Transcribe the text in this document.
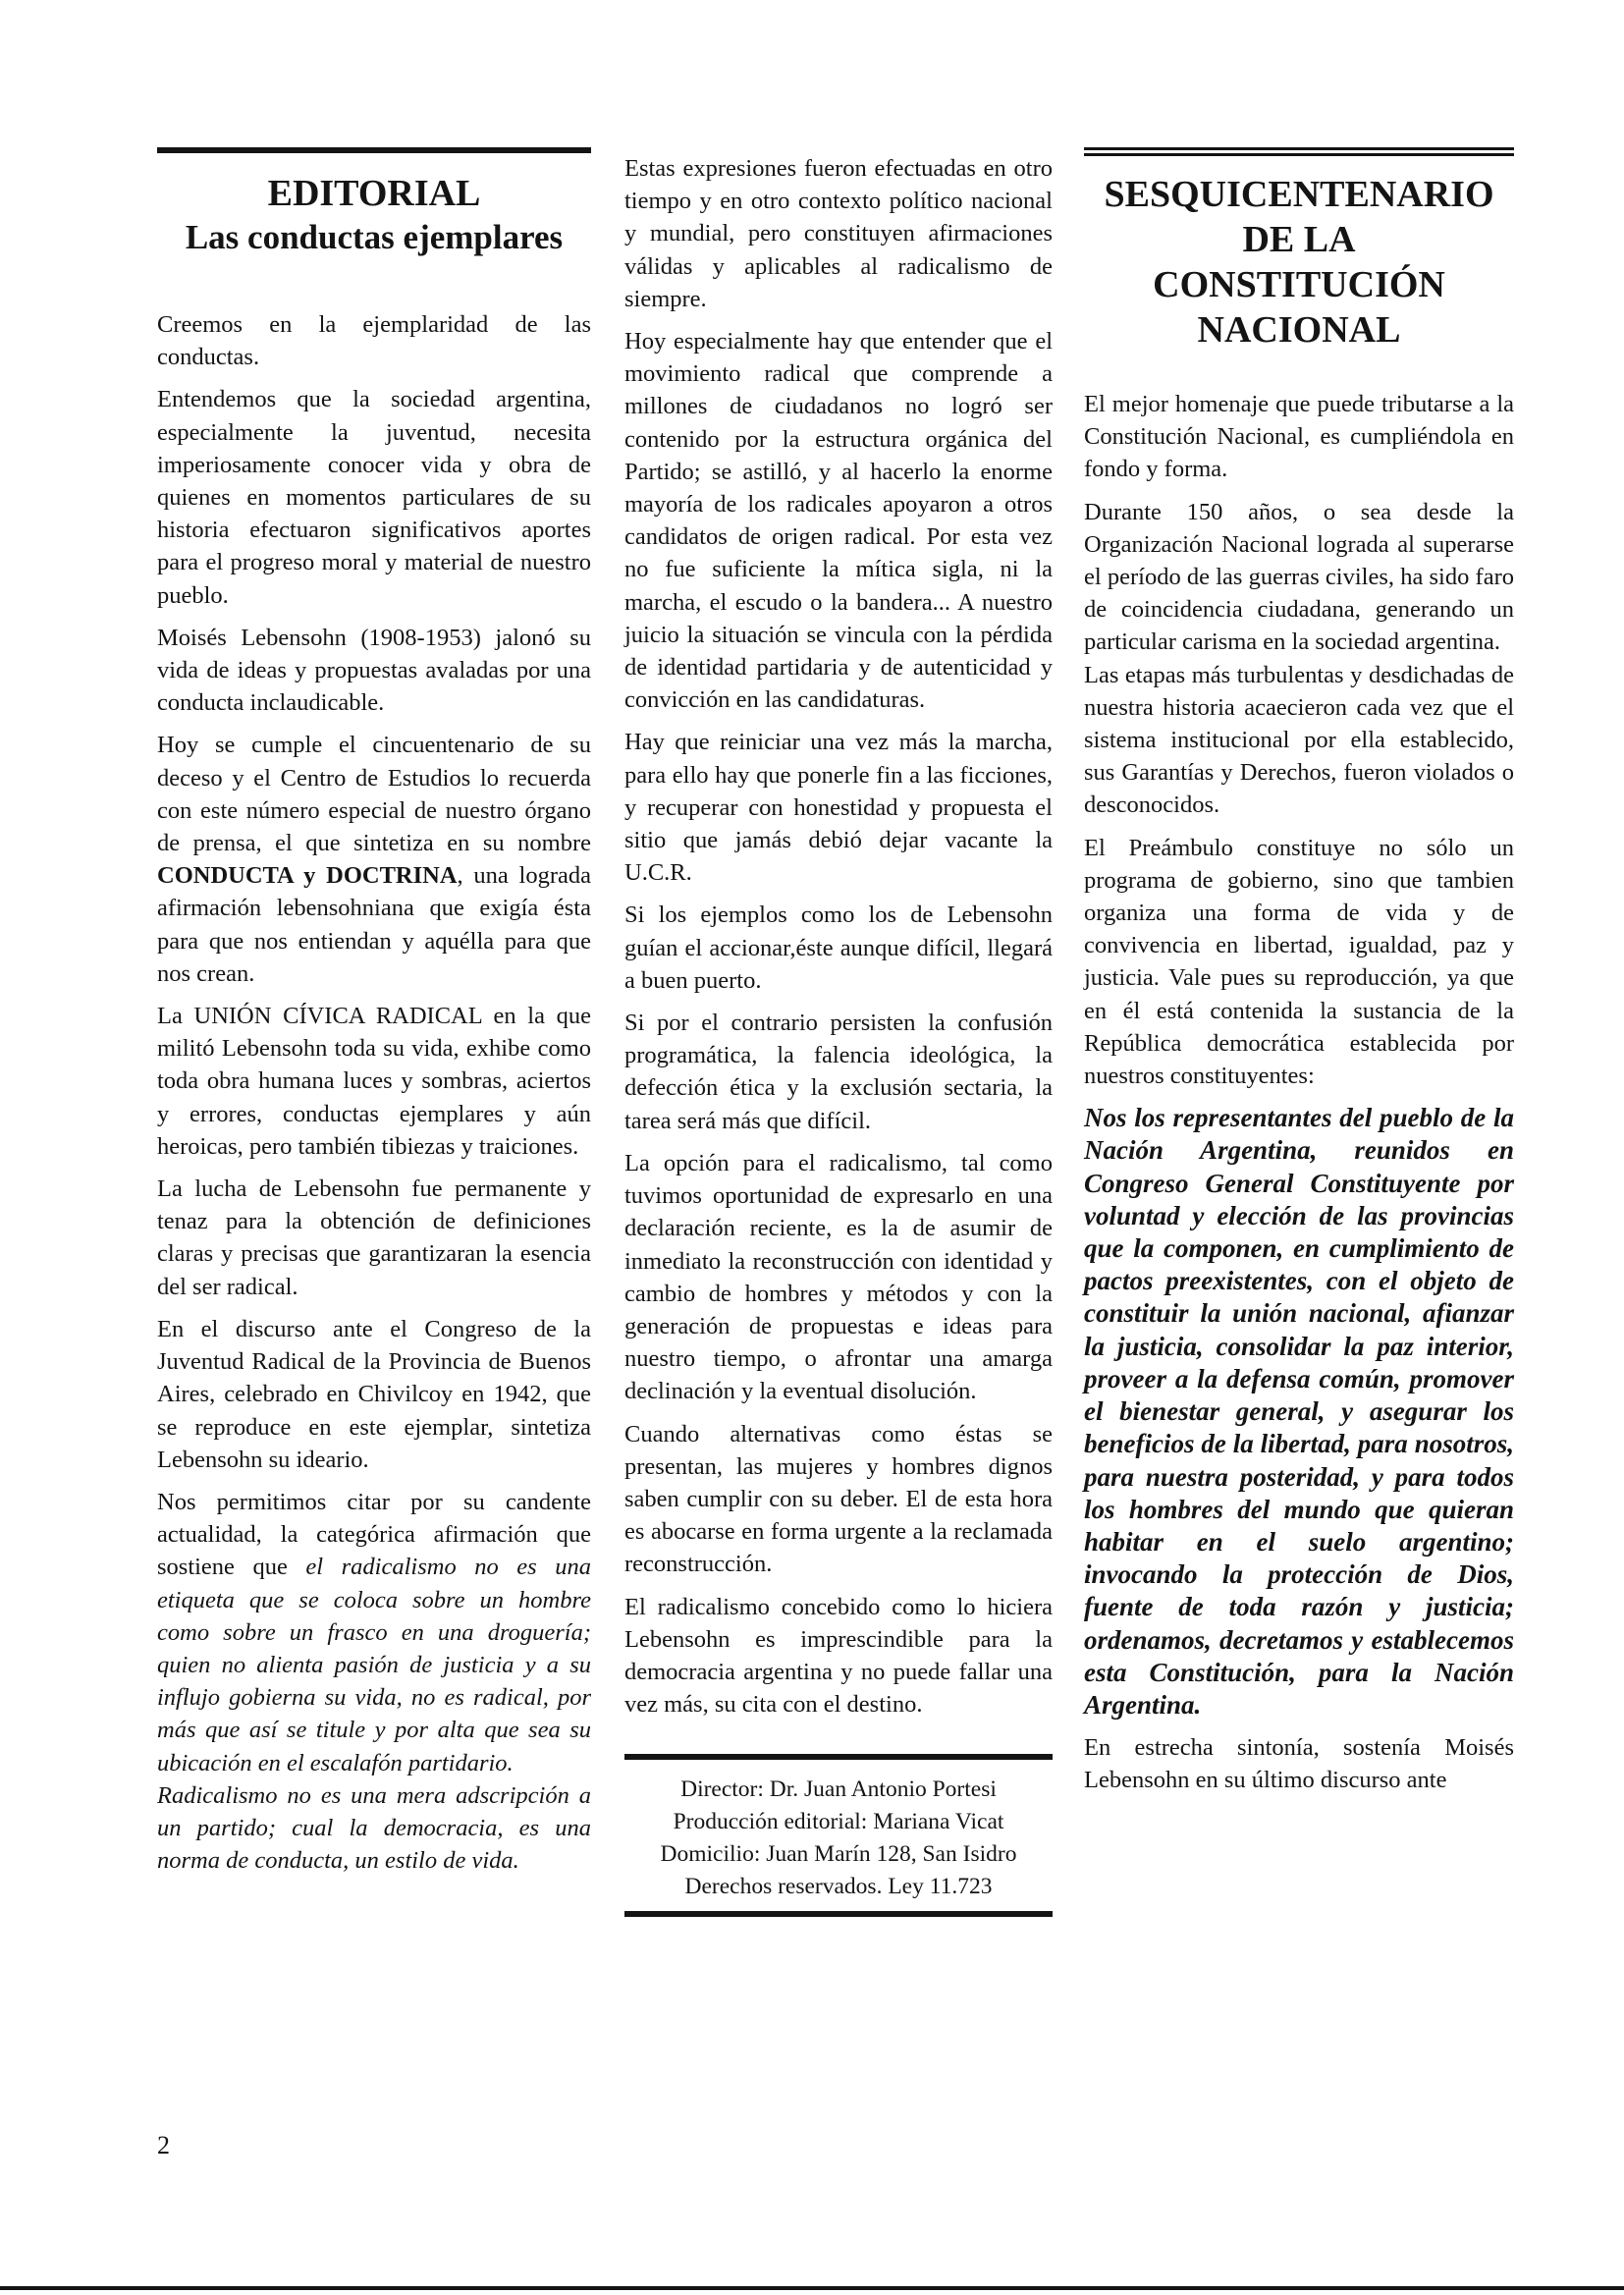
EDITORIAL
Las conductas ejemplares

Creemos en la ejemplaridad de las conductas.

Entendemos que la sociedad argentina, especialmente la juventud, necesita imperiosamente conocer vida y obra de quienes en momentos particulares de su historia efectuaron significativos aportes para el progreso moral y material de nuestro pueblo.

Moisés Lebensohn (1908-1953) jalonó su vida de ideas y propuestas avaladas por una conducta inclaudicable.

Hoy se cumple el cincuentenario de su deceso y el Centro de Estudios lo recuerda con este número especial de nuestro órgano de prensa, el que sintetiza en su nombre CONDUCTA y DOCTRINA, una lograda afirmación lebensohniana que exigía ésta para que nos entiendan y aquélla para que nos crean.

La UNIÓN CÍVICA RADICAL en la que militó Lebensohn toda su vida, exhibe como toda obra humana luces y sombras, aciertos y errores, conductas ejemplares y aún heroicas, pero también tibiezas y traiciones.

La lucha de Lebensohn fue permanente y tenaz para la obtención de definiciones claras y precisas que garantizaran la esencia del ser radical.

En el discurso ante el Congreso de la Juventud Radical de la Provincia de Buenos Aires, celebrado en Chivilcoy en 1942, que se reproduce en este ejemplar, sintetiza Lebensohn su ideario.

Nos permitimos citar por su candente actualidad, la categórica afirmación que sostiene que el radicalismo no es una etiqueta que se coloca sobre un hombre como sobre un frasco en una droguería; quien no alienta pasión de justicia y a su influjo gobierna su vida, no es radical, por más que así se titule y por alta que sea su ubicación en el escalafón partidario.

Radicalismo no es una mera adscripción a un partido; cual la democracia, es una norma de conducta, un estilo de vida.

Estas expresiones fueron efectuadas en otro tiempo y en otro contexto político nacional y mundial, pero constituyen afirmaciones válidas y aplicables al radicalismo de siempre.

Hoy especialmente hay que entender que el movimiento radical que comprende a millones de ciudadanos no logró ser contenido por la estructura orgánica del Partido; se astilló, y al hacerlo la enorme mayoría de los radicales apoyaron a otros candidatos de origen radical. Por esta vez no fue suficiente la mítica sigla, ni la marcha, el escudo o la bandera... A nuestro juicio la situación se vincula con la pérdida de identidad partidaria y de autenticidad y convicción en las candidaturas.

Hay que reiniciar una vez más la marcha, para ello hay que ponerle fin a las ficciones, y recuperar con honestidad y propuesta el sitio que jamás debió dejar vacante la U.C.R.

Si los ejemplos como los de Lebensohn guían el accionar,éste aunque difícil, llegará a buen puerto.

Si por el contrario persisten la confusión programática, la falencia ideológica, la defección ética y la exclusión sectaria, la tarea será más que difícil.

La opción para el radicalismo, tal como tuvimos oportunidad de expresarlo en una declaración reciente, es la de asumir de inmediato la reconstrucción con identidad y cambio de hombres y métodos y con la generación de propuestas e ideas para nuestro tiempo, o afrontar una amarga declinación y la eventual disolución.

Cuando alternativas como éstas se presentan, las mujeres y hombres dignos saben cumplir con su deber. El de esta hora es abocarse en forma urgente a la reclamada reconstrucción.

El radicalismo concebido como lo hiciera Lebensohn es imprescindible para la democracia argentina y no puede fallar una vez más, su cita con el destino.

Director: Dr. Juan Antonio Portesi
Producción editorial: Mariana Vicat
Domicilio: Juan Marín 128, San Isidro
Derechos reservados. Ley 11.723
SESQUICENTENARIO
DE LA
CONSTITUCIÓN
NACIONAL

El mejor homenaje que puede tributarse a la Constitución Nacional, es cumpliéndola en fondo y forma.

Durante 150 años, o sea desde la Organización Nacional lograda al superarse el período de las guerras civiles, ha sido faro de coincidencia ciudadana, generando un particular carisma en la sociedad argentina.

Las etapas más turbulentas y desdichadas de nuestra historia acaecieron cada vez que el sistema institucional por ella establecido, sus Garantías y Derechos, fueron violados o desconocidos.

El Preámbulo constituye no sólo un programa de gobierno, sino que tambien organiza una forma de vida y de convivencia en libertad, igualdad, paz y justicia. Vale pues su reproducción, ya que en él está contenida la sustancia de la República democrática establecida por nuestros constituyentes:

Nos los representantes del pueblo de la Nación Argentina, reunidos en Congreso General Constituyente por voluntad y elección de las provincias que la componen, en cumplimiento de pactos preexistentes, con el objeto de constituir la unión nacional, afianzar la justicia, consolidar la paz interior, proveer a la defensa común, promover el bienestar general, y asegurar los beneficios de la libertad, para nosotros, para nuestra posteridad, y para todos los hombres del mundo que quieran habitar en el suelo argentino; invocando la protección de Dios, fuente de toda razón y justicia; ordenamos, decretamos y establecemos esta Constitución, para la Nación Argentina.

En estrecha sintonía, sostenía Moisés Lebensohn en su último discurso ante

2
